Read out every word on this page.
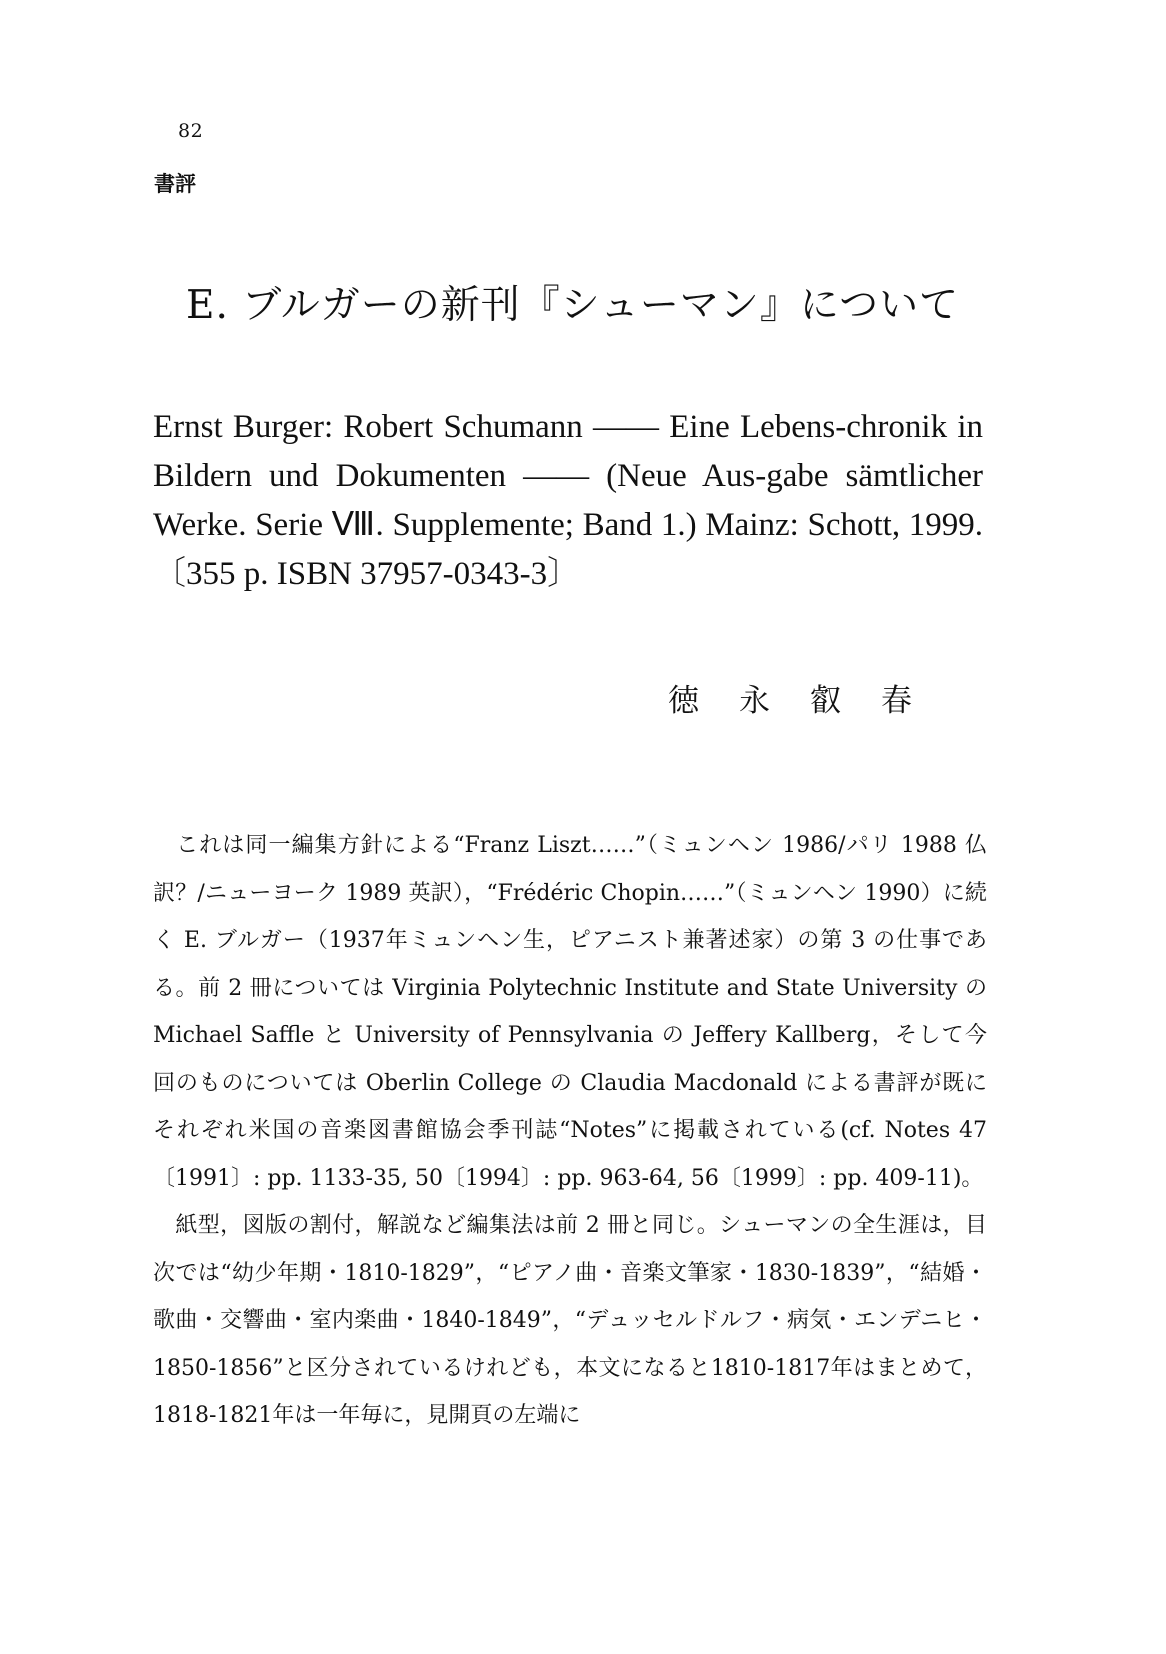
82
書評
E. ブルガーの新刊『シューマン』について
Ernst Burger: Robert Schumann —— Eine Lebens-chronik in Bildern und Dokumenten —— (Neue Aus-gabe sämtlicher Werke. Serie Ⅷ. Supplemente; Band 1.) Mainz: Schott, 1999. 〔355 p. ISBN 37957-0343-3〕
徳永叡春

　これは同一編集方針による“Franz Liszt……”（ミュンヘン 1986/パリ 1988 仏訳？/ニューヨーク 1989 英訳），“Frédéric Chopin……”（ミュンヘン 1990）に続く E. ブルガー（1937年ミュンヘン生，ピアニスト兼著述家）の第 3 の仕事である。前 2 冊については Virginia Polytechnic Institute and State University の Michael Saffle と University of Pennsylvania の Jeffery Kallberg，そして今回のものについては Oberlin College の Claudia Macdonald による書評が既にそれぞれ米国の音楽図書館協会季刊誌“Notes”に掲載されている(cf. Notes 47〔1991〕: pp. 1133-35, 50〔1994〕: pp. 963-64, 56〔1999〕: pp. 409-11)。

　紙型，図版の割付，解説など編集法は前 2 冊と同じ。シューマンの全生涯は，目次では“幼少年期・1810-1829”，“ピアノ曲・音楽文筆家・1830-1839”，“結婚・歌曲・交響曲・室内楽曲・1840-1849”，“デュッセルドルフ・病気・エンデニヒ・1850-1856”と区分されているけれども，本文になると1810-1817年はまとめて，1818-1821年は一年毎に，見開頁の左端に
